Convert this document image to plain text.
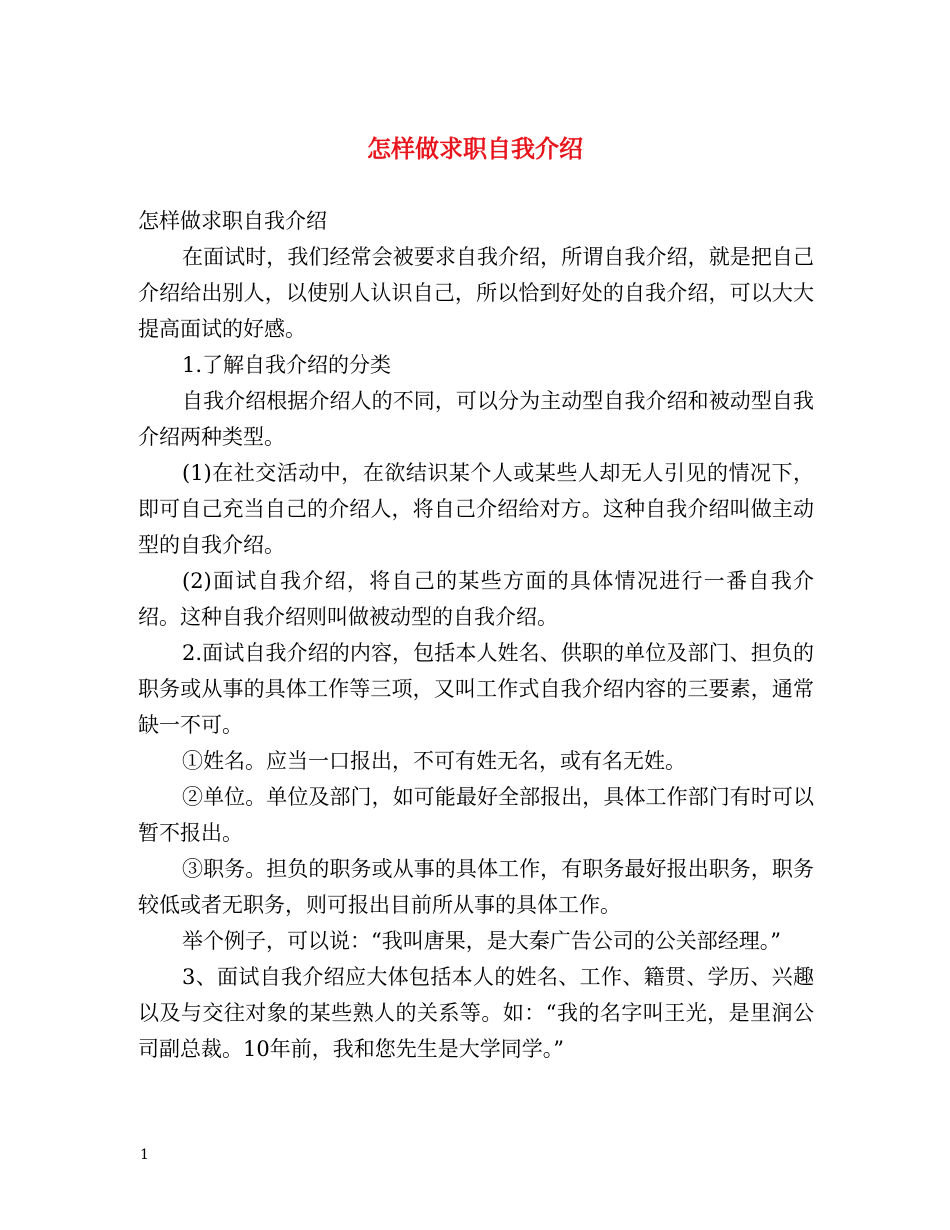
怎样做求职自我介绍

怎样做求职自我介绍

在面试时，我们经常会被要求自我介绍，所谓自我介绍，就是把自己介绍给出别人，以使别人认识自己，所以恰到好处的自我介绍，可以大大提高面试的好感。

1.了解自我介绍的分类

自我介绍根据介绍人的不同，可以分为主动型自我介绍和被动型自我介绍两种类型。

(1)在社交活动中，在欲结识某个人或某些人却无人引见的情况下，即可自己充当自己的介绍人，将自己介绍给对方。这种自我介绍叫做主动型的自我介绍。

(2)面试自我介绍，将自己的某些方面的具体情况进行一番自我介绍。这种自我介绍则叫做被动型的自我介绍。

2.面试自我介绍的内容，包括本人姓名、供职的单位及部门、担负的职务或从事的具体工作等三项，又叫工作式自我介绍内容的三要素，通常缺一不可。

①姓名。应当一口报出，不可有姓无名，或有名无姓。

②单位。单位及部门，如可能最好全部报出，具体工作部门有时可以暂不报出。

③职务。担负的职务或从事的具体工作，有职务最好报出职务，职务较低或者无职务，则可报出目前所从事的具体工作。

举个例子，可以说：“我叫唐果，是大秦广告公司的公关部经理。”

3、面试自我介绍应大体包括本人的姓名、工作、籍贯、学历、兴趣以及与交往对象的某些熟人的关系等。如：“我的名字叫王光，是里润公司副总裁。10年前，我和您先生是大学同学。”

1
